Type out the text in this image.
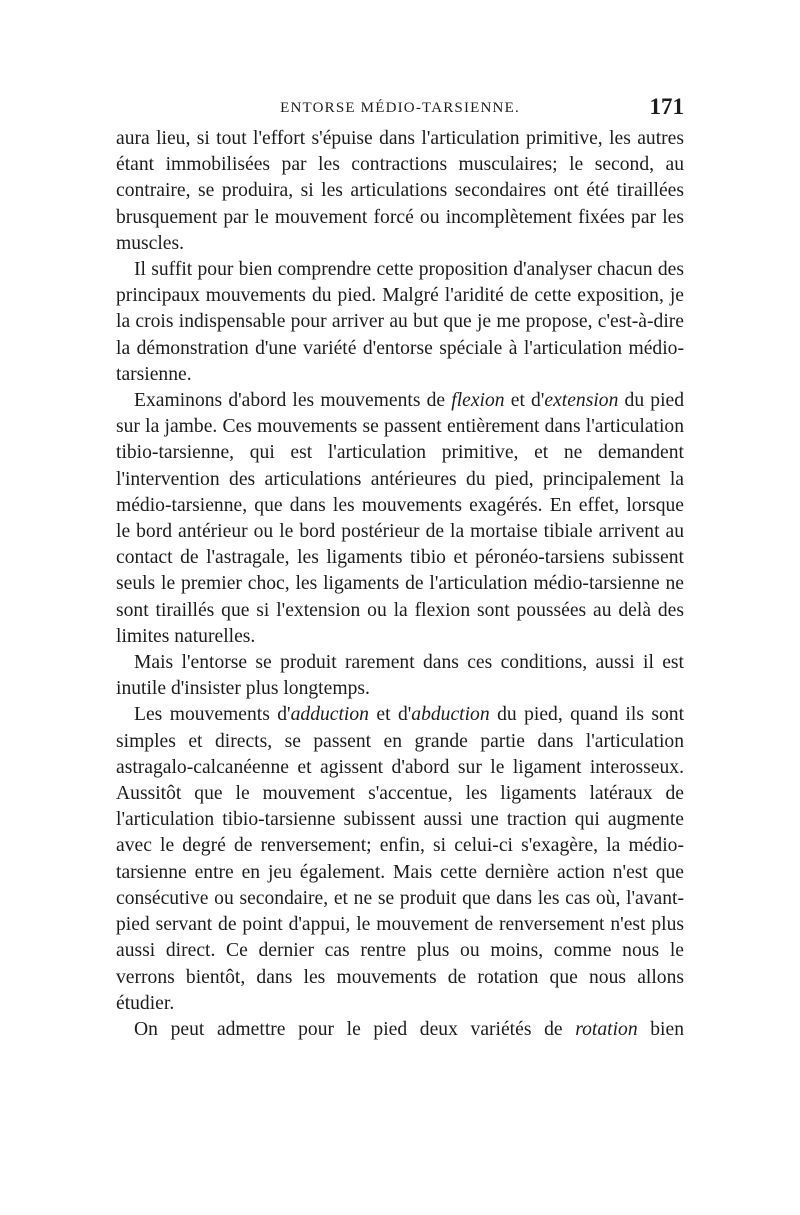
ENTORSE MÉDIO-TARSIENNE.	171

aura lieu, si tout l'effort s'épuise dans l'articulation primitive, les autres étant immobilisées par les contractions musculaires; le second, au contraire, se produira, si les articulations secondaires ont été tiraillées brusquement par le mouvement forcé ou incomplètement fixées par les muscles.

Il suffit pour bien comprendre cette proposition d'analyser chacun des principaux mouvements du pied. Malgré l'aridité de cette exposition, je la crois indispensable pour arriver au but que je me propose, c'est-à-dire la démonstration d'une variété d'entorse spéciale à l'articulation médio-tarsienne.

Examinons d'abord les mouvements de flexion et d'extension du pied sur la jambe. Ces mouvements se passent entièrement dans l'articulation tibio-tarsienne, qui est l'articulation primitive, et ne demandent l'intervention des articulations antérieures du pied, principalement la médio-tarsienne, que dans les mouvements exagérés. En effet, lorsque le bord antérieur ou le bord postérieur de la mortaise tibiale arrivent au contact de l'astragale, les ligaments tibio et péronéo-tarsiens subissent seuls le premier choc, les ligaments de l'articulation médio-tarsienne ne sont tiraillés que si l'extension ou la flexion sont poussées au delà des limites naturelles.

Mais l'entorse se produit rarement dans ces conditions, aussi il est inutile d'insister plus longtemps.

Les mouvements d'adduction et d'abduction du pied, quand ils sont simples et directs, se passent en grande partie dans l'articulation astragalo-calcanéenne et agissent d'abord sur le ligament interosseux. Aussitôt que le mouvement s'accentue, les ligaments latéraux de l'articulation tibio-tarsienne subissent aussi une traction qui augmente avec le degré de renversement; enfin, si celui-ci s'exagère, la médio-tarsienne entre en jeu également. Mais cette dernière action n'est que consécutive ou secondaire, et ne se produit que dans les cas où, l'avant-pied servant de point d'appui, le mouvement de renversement n'est plus aussi direct. Ce dernier cas rentre plus ou moins, comme nous le verrons bientôt, dans les mouvements de rotation que nous allons étudier.

On peut admettre pour le pied deux variétés de rotation bien
